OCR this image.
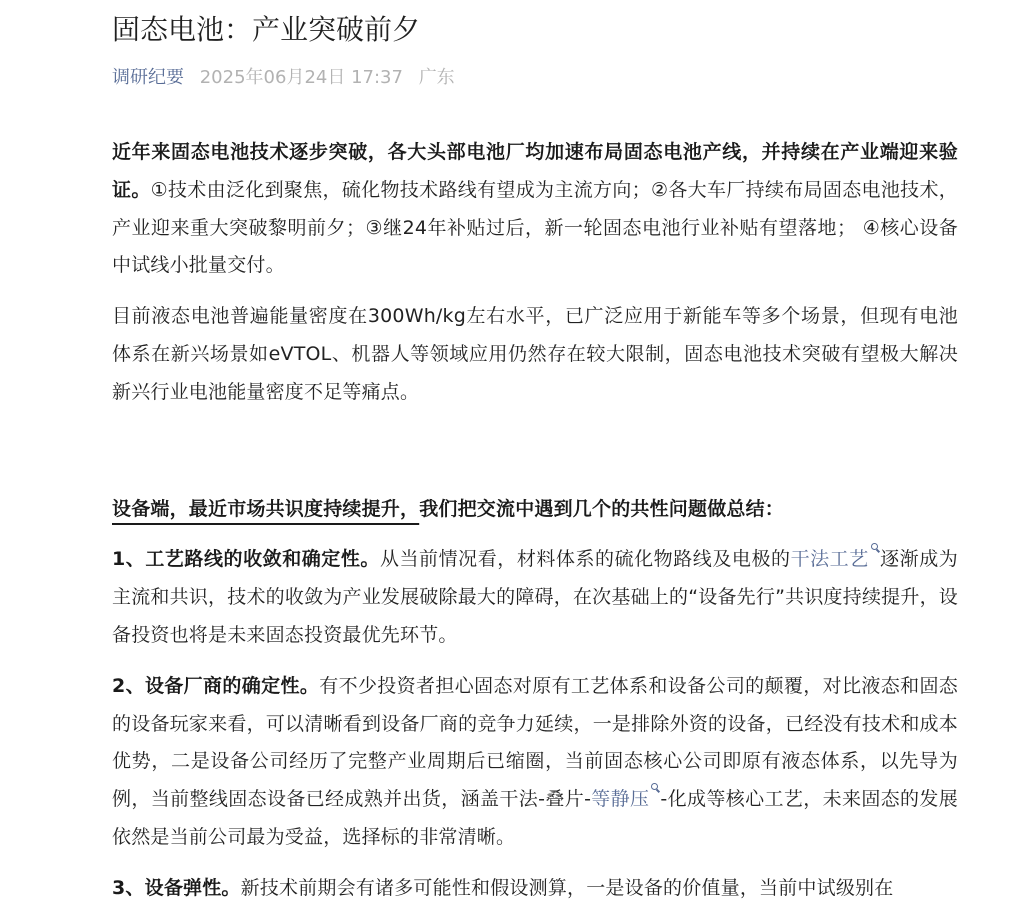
固态电池：产业突破前夕
调研纪要 2025年06月24日 17:37 广东

近年来固态电池技术逐步突破，各大头部电池厂均加速布局固态电池产线，并持续在产业端迎来验证。①技术由泛化到聚焦，硫化物技术路线有望成为主流方向；②各大车厂持续布局固态电池技术，产业迎来重大突破黎明前夕；③继24年补贴过后，新一轮固态电池行业补贴有望落地； ④核心设备中试线小批量交付。

目前液态电池普遍能量密度在300Wh/kg左右水平，已广泛应用于新能车等多个场景，但现有电池体系在新兴场景如eVTOL、机器人等领域应用仍然存在较大限制，固态电池技术突破有望极大解决新兴行业电池能量密度不足等痛点。

设备端，最近市场共识度持续提升，我们把交流中遇到几个的共性问题做总结：

1、工艺路线的收敛和确定性。从当前情况看，材料体系的硫化物路线及电极的干法工艺 逐渐成为主流和共识，技术的收敛为产业发展破除最大的障碍，在次基础上的“设备先行”共识度持续提升，设备投资也将是未来固态投资最优先环节。

2、设备厂商的确定性。有不少投资者担心固态对原有工艺体系和设备公司的颠覆，对比液态和固态的设备玩家来看，可以清晰看到设备厂商的竞争力延续，一是排除外资的设备，已经没有技术和成本优势，二是设备公司经历了完整产业周期后已缩圈，当前固态核心公司即原有液态体系，以先导为例，当前整线固态设备已经成熟并出货，涵盖干法-叠片-等静压 -化成等核心工艺，未来固态的发展依然是当前公司最为受益，选择标的非常清晰。

3、设备弹性。新技术前期会有诸多可能性和假设测算，一是设备的价值量，当前中试级别在
